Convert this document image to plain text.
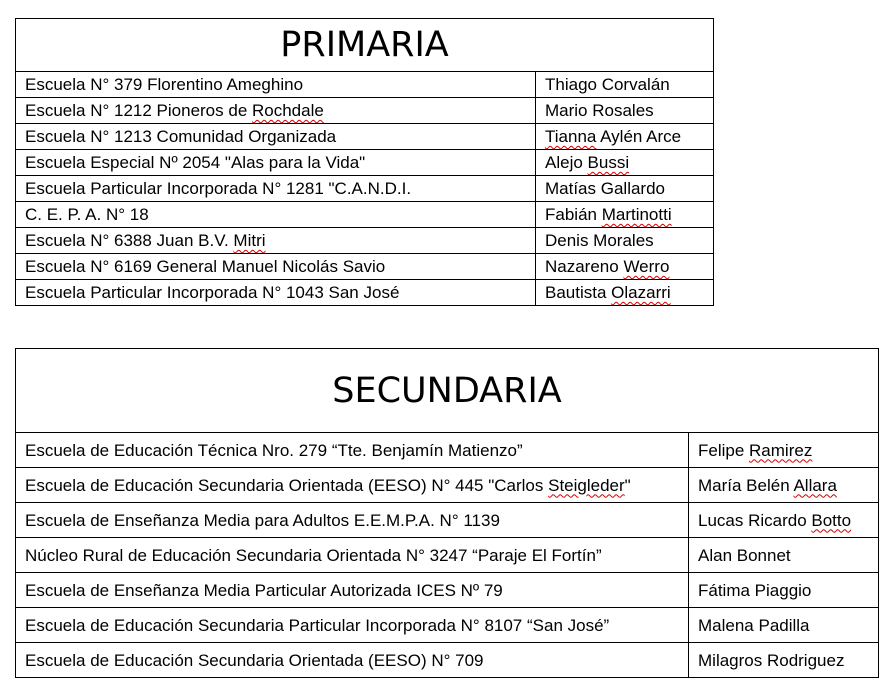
PRIMARIA	
Escuela N° 379 Florentino Ameghino	Thiago Corvalán
Escuela N° 1212 Pioneros de Rochdale	Mario Rosales
Escuela N° 1213 Comunidad Organizada	Tianna Aylén Arce
Escuela Especial Nº 2054 "Alas para la Vida"	Alejo Bussi
Escuela Particular Incorporada N° 1281 "C.A.N.D.I.	Matías Gallardo
C. E. P. A. N° 18	Fabián Martinotti
Escuela N° 6388 Juan B.V. Mitri	Denis Morales
Escuela N° 6169 General Manuel Nicolás Savio	Nazareno Werro
Escuela Particular Incorporada N° 1043 San José	Bautista Olazarri
SECUNDARIA	
Escuela de Educación Técnica Nro. 279 “Tte. Benjamín Matienzo”	Felipe Ramirez
Escuela de Educación Secundaria Orientada (EESO) N° 445 "Carlos Steigleder"	María Belén Allara
Escuela de Enseñanza Media para Adultos E.E.M.P.A. N° 1139	Lucas Ricardo Botto
Núcleo Rural de Educación Secundaria Orientada N° 3247 “Paraje El Fortín”	Alan Bonnet
Escuela de Enseñanza Media Particular Autorizada ICES Nº 79	Fátima Piaggio
Escuela de Educación Secundaria Particular Incorporada N° 8107 “San José”	Malena Padilla
Escuela de Educación Secundaria Orientada (EESO) N° 709	Milagros Rodriguez
